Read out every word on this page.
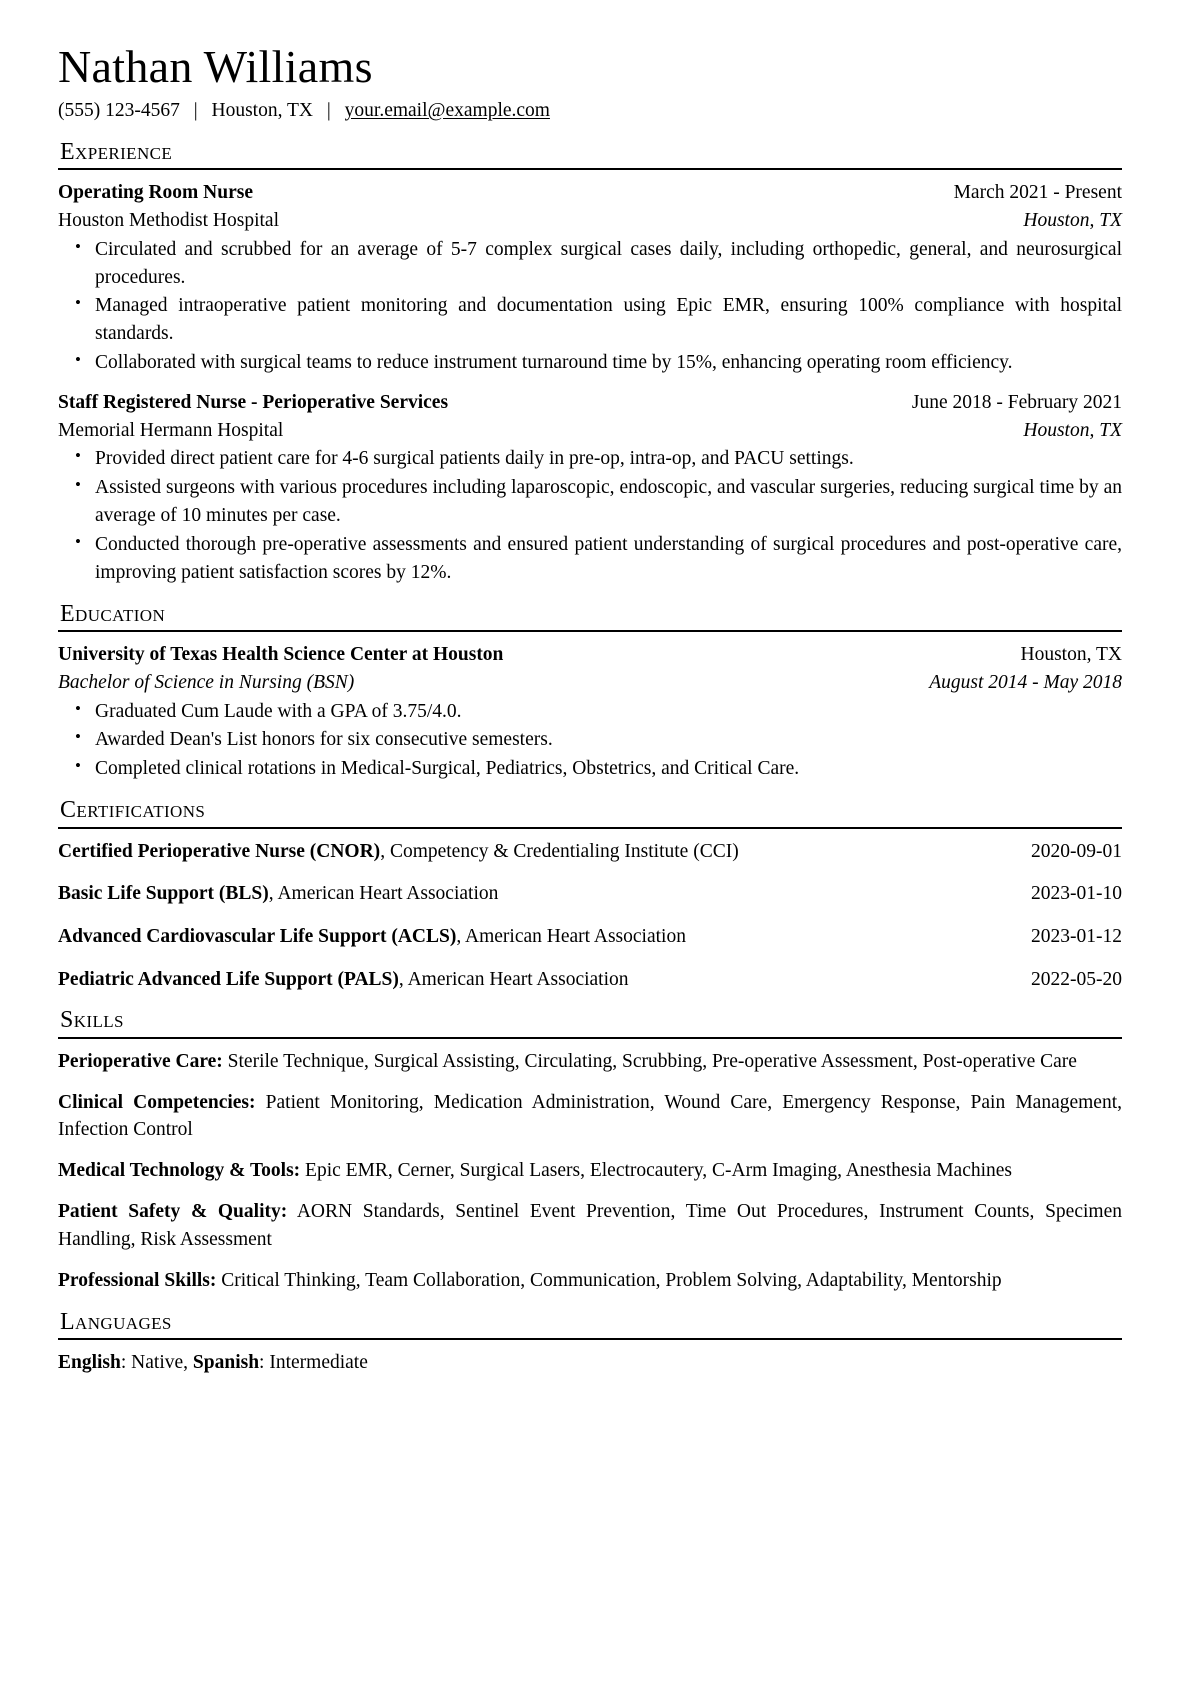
Nathan Williams
(555) 123-4567 | Houston, TX | your.email@example.com
Experience
Operating Room Nurse	March 2021 - Present
Houston Methodist Hospital	Houston, TX
• Circulated and scrubbed for an average of 5-7 complex surgical cases daily, including orthopedic, general, and neurosurgical procedures.
• Managed intraoperative patient monitoring and documentation using Epic EMR, ensuring 100% compliance with hospital standards.
• Collaborated with surgical teams to reduce instrument turnaround time by 15%, enhancing operating room efficiency.
Staff Registered Nurse - Perioperative Services	June 2018 - February 2021
Memorial Hermann Hospital	Houston, TX
• Provided direct patient care for 4-6 surgical patients daily in pre-op, intra-op, and PACU settings.
• Assisted surgeons with various procedures including laparoscopic, endoscopic, and vascular surgeries, reducing surgical time by an average of 10 minutes per case.
• Conducted thorough pre-operative assessments and ensured patient understanding of surgical procedures and post-operative care, improving patient satisfaction scores by 12%.
Education
University of Texas Health Science Center at Houston	Houston, TX
Bachelor of Science in Nursing (BSN)	August 2014 - May 2018
• Graduated Cum Laude with a GPA of 3.75/4.0.
• Awarded Dean's List honors for six consecutive semesters.
• Completed clinical rotations in Medical-Surgical, Pediatrics, Obstetrics, and Critical Care.
Certifications
Certified Perioperative Nurse (CNOR), Competency & Credentialing Institute (CCI)	2020-09-01
Basic Life Support (BLS), American Heart Association	2023-01-10
Advanced Cardiovascular Life Support (ACLS), American Heart Association	2023-01-12
Pediatric Advanced Life Support (PALS), American Heart Association	2022-05-20
Skills
Perioperative Care: Sterile Technique, Surgical Assisting, Circulating, Scrubbing, Pre-operative Assessment, Post-operative Care
Clinical Competencies: Patient Monitoring, Medication Administration, Wound Care, Emergency Response, Pain Management, Infection Control
Medical Technology & Tools: Epic EMR, Cerner, Surgical Lasers, Electrocautery, C-Arm Imaging, Anesthesia Machines
Patient Safety & Quality: AORN Standards, Sentinel Event Prevention, Time Out Procedures, Instrument Counts, Specimen Handling, Risk Assessment
Professional Skills: Critical Thinking, Team Collaboration, Communication, Problem Solving, Adaptability, Mentorship
Languages
English: Native, Spanish: Intermediate
